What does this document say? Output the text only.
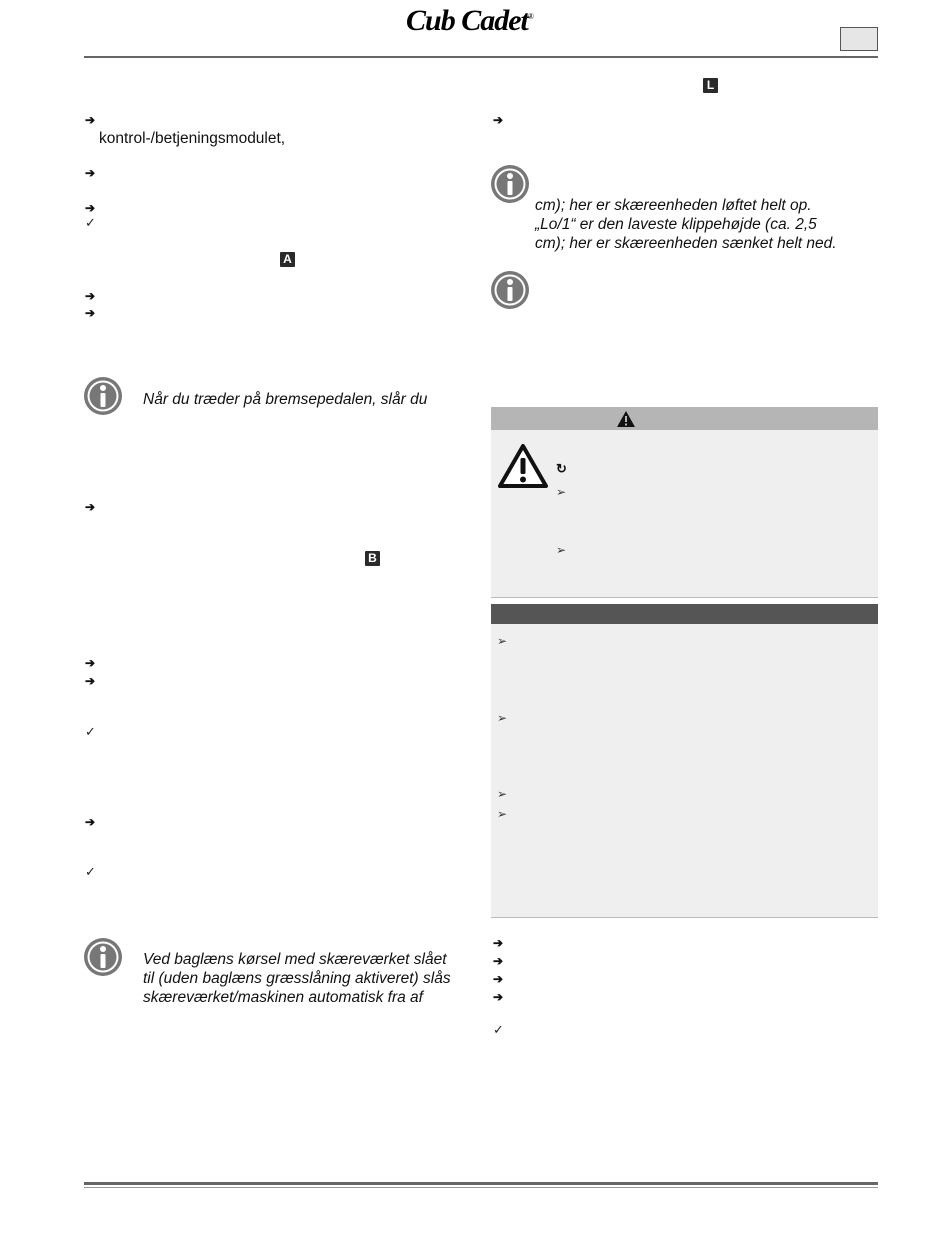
Cub Cadet®
➔
kontrol-/betjeningsmodulet,
➔
➔
✓
A
➔
➔
Når du træder på bremsepedalen, slår du
➔
B
➔
➔
✓
➔
✓
Ved baglæns kørsel med skæreværket slået
til (uden baglæns græsslåning aktiveret) slås
skæreværket/maskinen automatisk fra af
L
➔
cm); her er skæreenheden løftet helt op.
„Lo/1“ er den laveste klippehøjde (ca. 2,5
cm); her er skæreenheden sænket helt ned.
↻
➢
➢
➢
➢
➢
➢
➔
➔
➔
➔
✓
